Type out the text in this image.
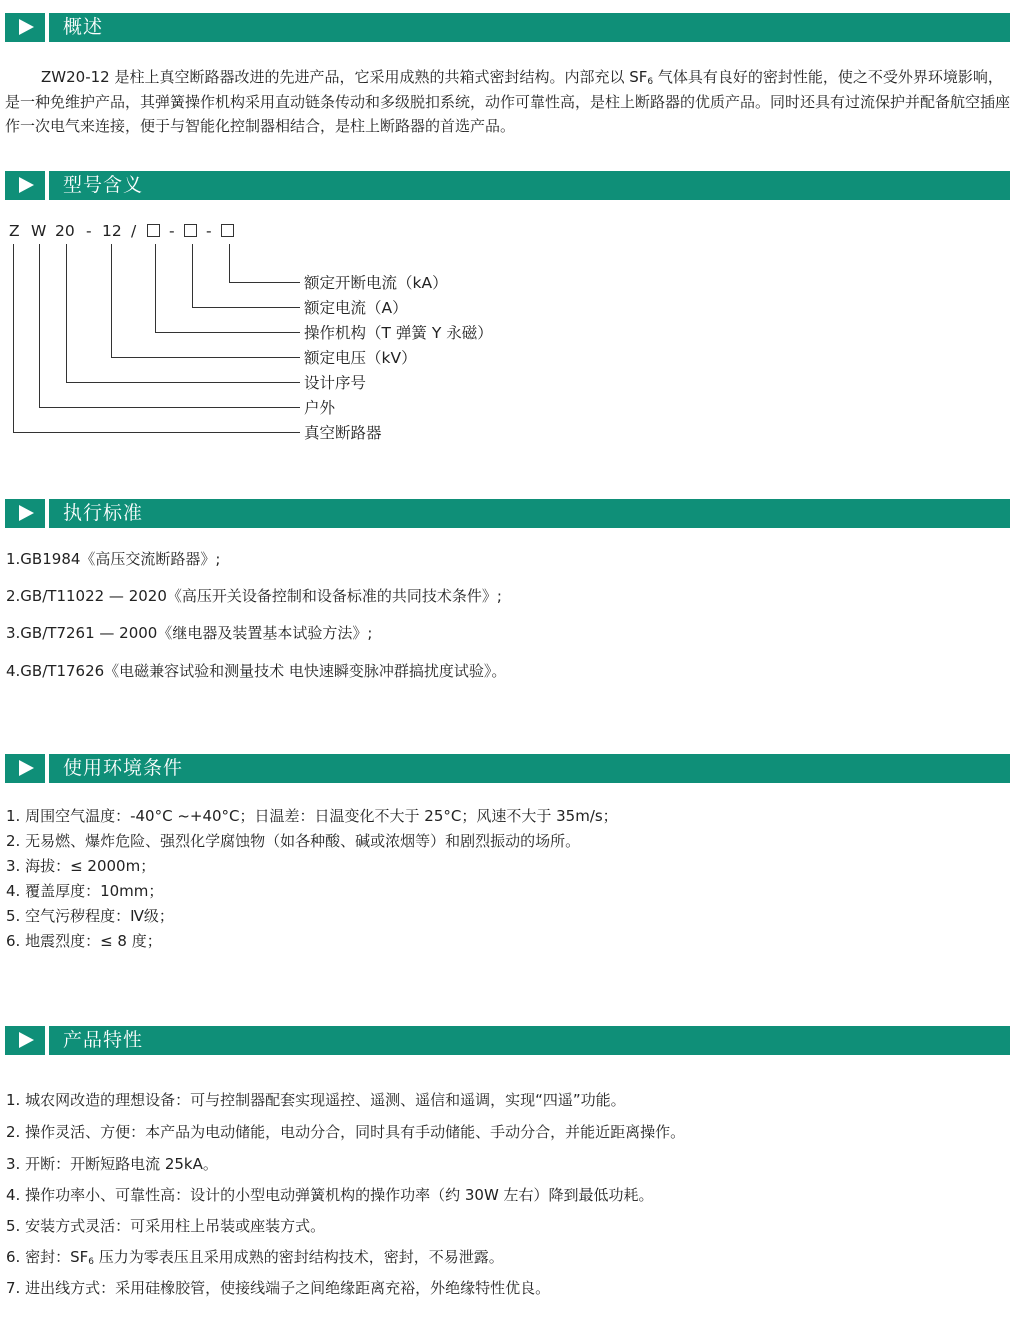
概述
ZW20-12 是柱上真空断路器改进的先进产品，它采用成熟的共箱式密封结构。内部充以 $SF_6$ 气体具有良好的密封性能，使之不受外界环境影响，是一种免维护产品，其弹簧操作机构采用直动链条传动和多级脱扣系统，动作可靠性高，是柱上断路器的优质产品。同时还具有过流保护并配备航空插座作一次电气来连接，便于与智能化控制器相结合，是柱上断路器的首选产品。
型号含义
Z W 20 - 12 / - -
额定开断电流（kA）
额定电流（A）
操作机构（T 弹簧 Y 永磁）
额定电压（kV）
设计序号
户外
真空断路器
执行标准
1.GB1984《高压交流断路器》;
2.GB/T11022 — 2020《高压开关设备控制和设备标准的共同技术条件》;
3.GB/T7261 — 2000《继电器及装置基本试验方法》;
4.GB/T17626《电磁兼容试验和测量技术 电快速瞬变脉冲群搞扰度试验》。
使用环境条件
1. 周围空气温度：-40°C ~+40°C；日温差：日温变化不大于 25°C；风速不大于 35m/s；
2. 无易燃、爆炸危险、强烈化学腐蚀物（如各种酸、碱或浓烟等）和剧烈振动的场所。
3. 海拔：≤ 2000m；
4. 覆盖厚度：10mm；
5. 空气污秽程度：Ⅳ级；
6. 地震烈度：≤ 8 度；
产品特性
1. 城农网改造的理想设备：可与控制器配套实现遥控、遥测、遥信和遥调，实现“四遥”功能。
2. 操作灵活、方便：本产品为电动储能，电动分合，同时具有手动储能、手动分合，并能近距离操作。
3. 开断：开断短路电流 25kA。
4. 操作功率小、可靠性高：设计的小型电动弹簧机构的操作功率（约 30W 左右）降到最低功耗。
5. 安装方式灵活：可采用柱上吊装或座装方式。
6. 密封：$SF_6$ 压力为零表压且采用成熟的密封结构技术，密封，不易泄露。
7. 进出线方式：采用硅橡胶管，使接线端子之间绝缘距离充裕，外绝缘特性优良。
